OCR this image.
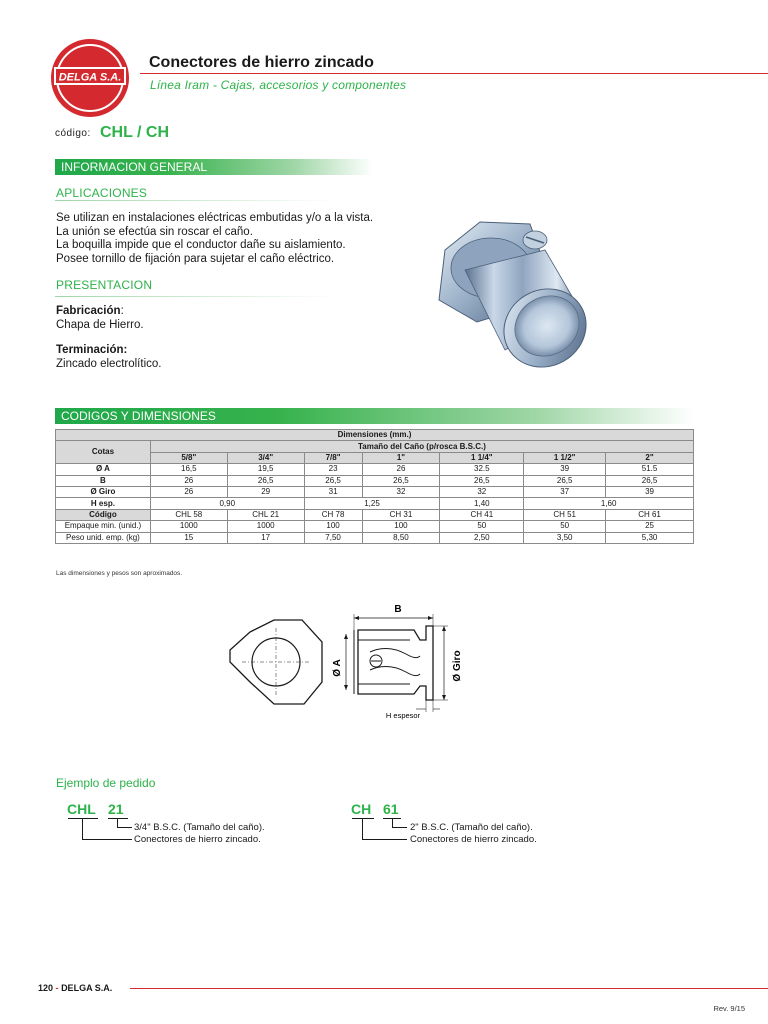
DELGA S.A.
Conectores de hierro zincado
Línea Iram - Cajas, accesorios y componentes
código: CHL / CH
INFORMACION GENERAL
APLICACIONES
Se utilizan en instalaciones eléctricas embutidas y/o a la vista.
La unión se efectúa sin roscar el caño.
La boquilla impide que el conductor dañe su aislamiento.
Posee tornillo de fijación para sujetar el caño eléctrico.
PRESENTACION
Fabricación:
Chapa de Hierro.
Terminación:
Zincado electrolítico.
CODIGOS Y DIMENSIONES
Dimensiones (mm.)							
Cotas	Tamaño del Caño (p/rosca B.S.C.)						
	5/8"	3/4"	7/8"	1"	1 1/4"	1 1/2"	2"
Ø A	16,5	19,5	23	26	32.5	39	51.5
B	26	26,5	26,5	26,5	26,5	26,5	26,5
Ø Giro	26	29	31	32	32	37	39
H esp.	0,90		1,25		1,40	1,60	
Código	CHL 58	CHL 21	CH 78	CH 31	CH 41	CH 51	CH 61
Empaque min. (unid.)	1000	1000	100	100	50	50	25
Peso unid. emp. (kg)	15	17	7,50	8,50	2,50	3,50	5,30
Las dimensiones y pesos son aproximados.
B
Ø A	Ø Giro
H espesor
Ejemplo de pedido
CHL 21
3/4" B.S.C. (Tamaño del caño).
Conectores de hierro zincado.
CH 61
2" B.S.C. (Tamaño del caño).
Conectores de hierro zincado.
120 - DELGA S.A.
Rev. 9/15
